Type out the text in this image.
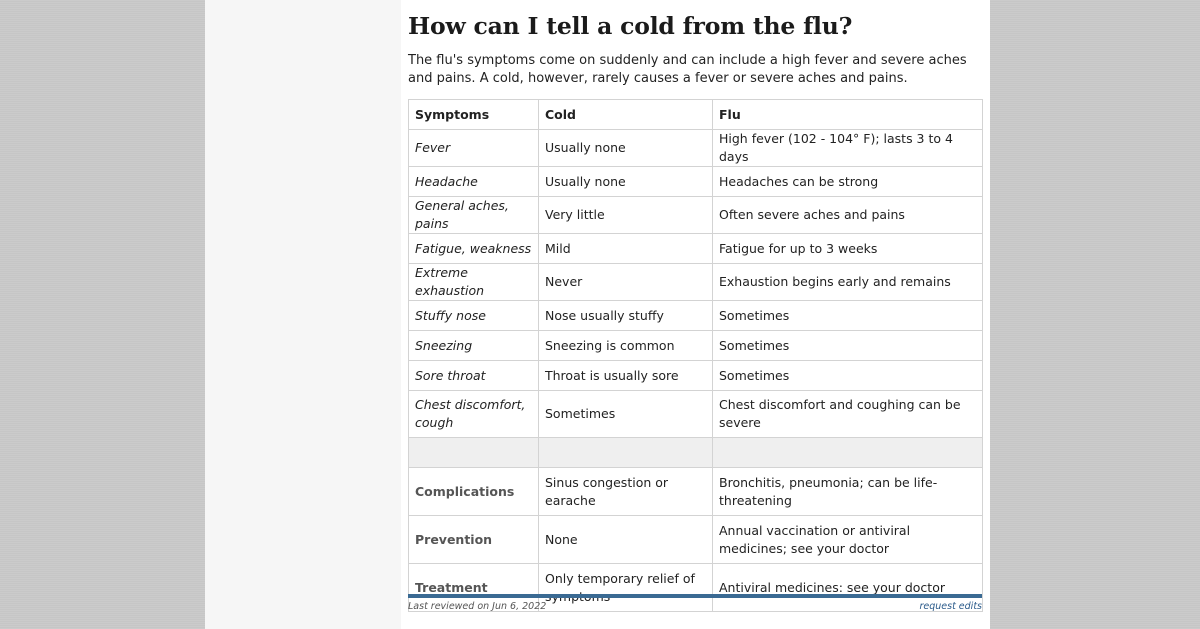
How can I tell a cold from the flu?

The flu's symptoms come on suddenly and can include a high fever and severe aches and pains. A cold, however, rarely causes a fever or severe aches and pains.

Symptoms	Cold	Flu
Fever	Usually none	High fever (102 - 104° F); lasts 3 to 4 days
Headache	Usually none	Headaches can be strong
General aches, pains	Very little	Often severe aches and pains
Fatigue, weakness	Mild	Fatigue for up to 3 weeks
Extreme exhaustion	Never	Exhaustion begins early and remains
Stuffy nose	Nose usually stuffy	Sometimes
Sneezing	Sneezing is common	Sometimes
Sore throat	Throat is usually sore	Sometimes
Chest discomfort, cough	Sometimes	Chest discomfort and coughing can be severe

Complications	Sinus congestion or earache	Bronchitis, pneumonia; can be life-threatening
Prevention	None	Annual vaccination or antiviral medicines; see your doctor
Treatment	Only temporary relief of	Antiviral medicines: see your doctor
Last reviewed on Jun 6, 2022	request edits
